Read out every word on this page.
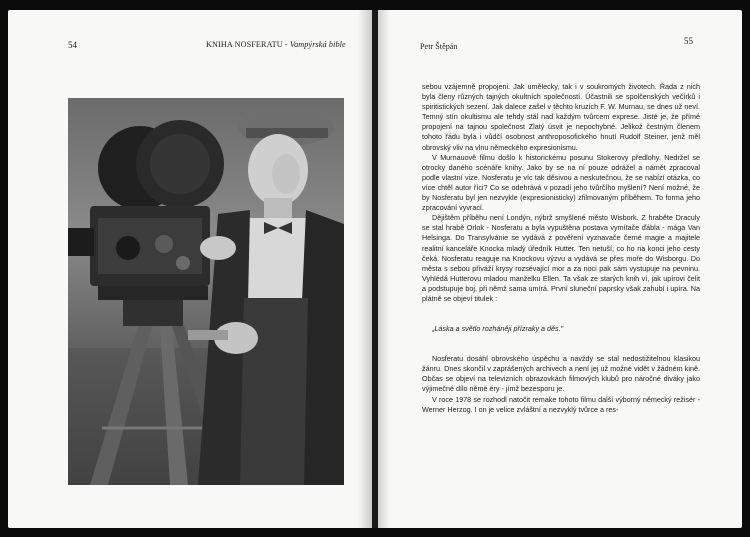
54	KNIHA NOSFERATU - Vampýrská bible	Petr Štěpán
55

sebou vzájemně propojeni. Jak umělecky, tak i v soukromých životech. Řada z nich byla členy různých tajných okultních společností. Účastnili se spolčenských večírků i spiritistických sezení. Jak dalece zašel v těchto kruzích F. W. Murnau, se dnes už neví. Temný stín okultismu ale tehdy stál nad každým tvůrcem exprese. Jisté je, že přímé propojení na tajnou společnost Zlatý úsvit je nepochybné. Jelikož čestným členem tohoto řádu byla i vůdčí osobnost anthroposofického hnutí Rudolf Steiner, jenž měl obrovský vliv na vlnu německého expresionismu.

V Murnauově filmu došlo k historickému posunu Stokerovy předlohy. Nedržel se otrocky daného scénáře knihy. Jako by se na ní pouze odrážel a námět zpracoval podle vlastní vize. Nosferatu je víc tak děsivou a neskutečnou, že se nabízí otázka, co více chtěl autor říci? Co se odehrává v pozadí jeho tvůrčího myšlení? Není možné, že by Nosferatu byl jen nezvykle (expresionisticky) zfilmovaným příběhem. To forma jeho zpracování vyvrací.

Dějištěm příběhu není Londýn, nýbrž smyšlené město Wisbork. Z hraběte Draculy se stal hrabě Orlok - Nosferatu a byla vypuštěna postava vymítače ďábla - mága Van Helsinga. Do Transylvánie se vydává z pověření vyznavače černé magie a majitele realitní kanceláře Knocka mladý úředník Hutter. Ten netuší, co ho na konci jeho cesty čeká. Nosferatu reaguje na Knockovu výzvu a vydává se přes moře do Wisborgu. Do města s sebou přiváží krysy rozsévající mor a za noci pak sám vystupuje na pevninu. Vyhlédá Hutterovu mladou manželku Ellen. Ta však ze starých knih ví, jak upírovi čelit a podstupuje boj, při němž sama umírá. První sluneční paprsky však zahubí i upíra. Na plátně se objeví titulek :

„Láska a světlo rozháněji přízraky a děs."

Nosferatu dosáhl obrovského úspěchu a navždy se stal nedostižitelnou klasikou žánru. Dnes skončil v zaprášených archivech a není jej už možné vidět v žádném kině. Občas se objeví na televizních obrazovkách filmových klubů pro náročné diváky jako výjimečné dílo němé éry - jímž bezesporu je.

V roce 1978 se rozhodl natočit remake tohoto filmu další výborný německý režisér - Werner Herzog. I on je velice zvláštní a nezvyklý tvůrce a res-
